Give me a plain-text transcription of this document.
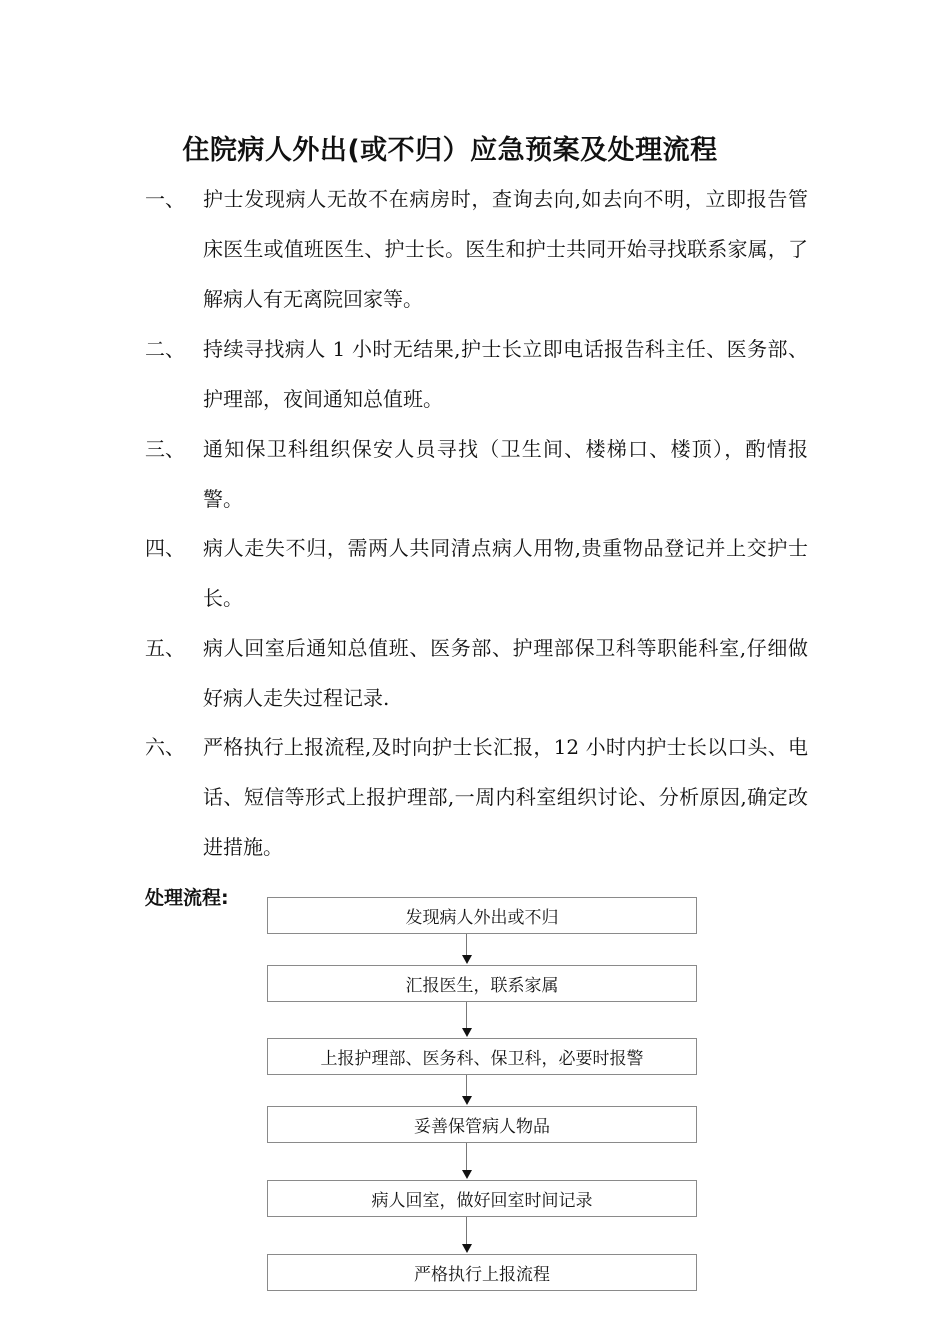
住院病人外出(或不归）应急预案及处理流程
一、 护士发现病人无故不在病房时，查询去向,如去向不明，立即报告管床医生或值班医生、护士长。医生和护士共同开始寻找联系家属，了解病人有无离院回家等。
二、 持续寻找病人 1 小时无结果,护士长立即电话报告科主任、医务部、护理部，夜间通知总值班。
三、 通知保卫科组织保安人员寻找（卫生间、楼梯口、楼顶），酌情报警。
四、 病人走失不归，需两人共同清点病人用物,贵重物品登记并上交护士长。
五、 病人回室后通知总值班、医务部、护理部保卫科等职能科室,仔细做好病人走失过程记录.
六、 严格执行上报流程,及时向护士长汇报，12 小时内护士长以口头、电话、短信等形式上报护理部,一周内科室组织讨论、分析原因,确定改进措施。
处理流程:
发现病人外出或不归
汇报医生，联系家属
上报护理部、医务科、保卫科，必要时报警
妥善保管病人物品
病人回室，做好回室时间记录
严格执行上报流程
